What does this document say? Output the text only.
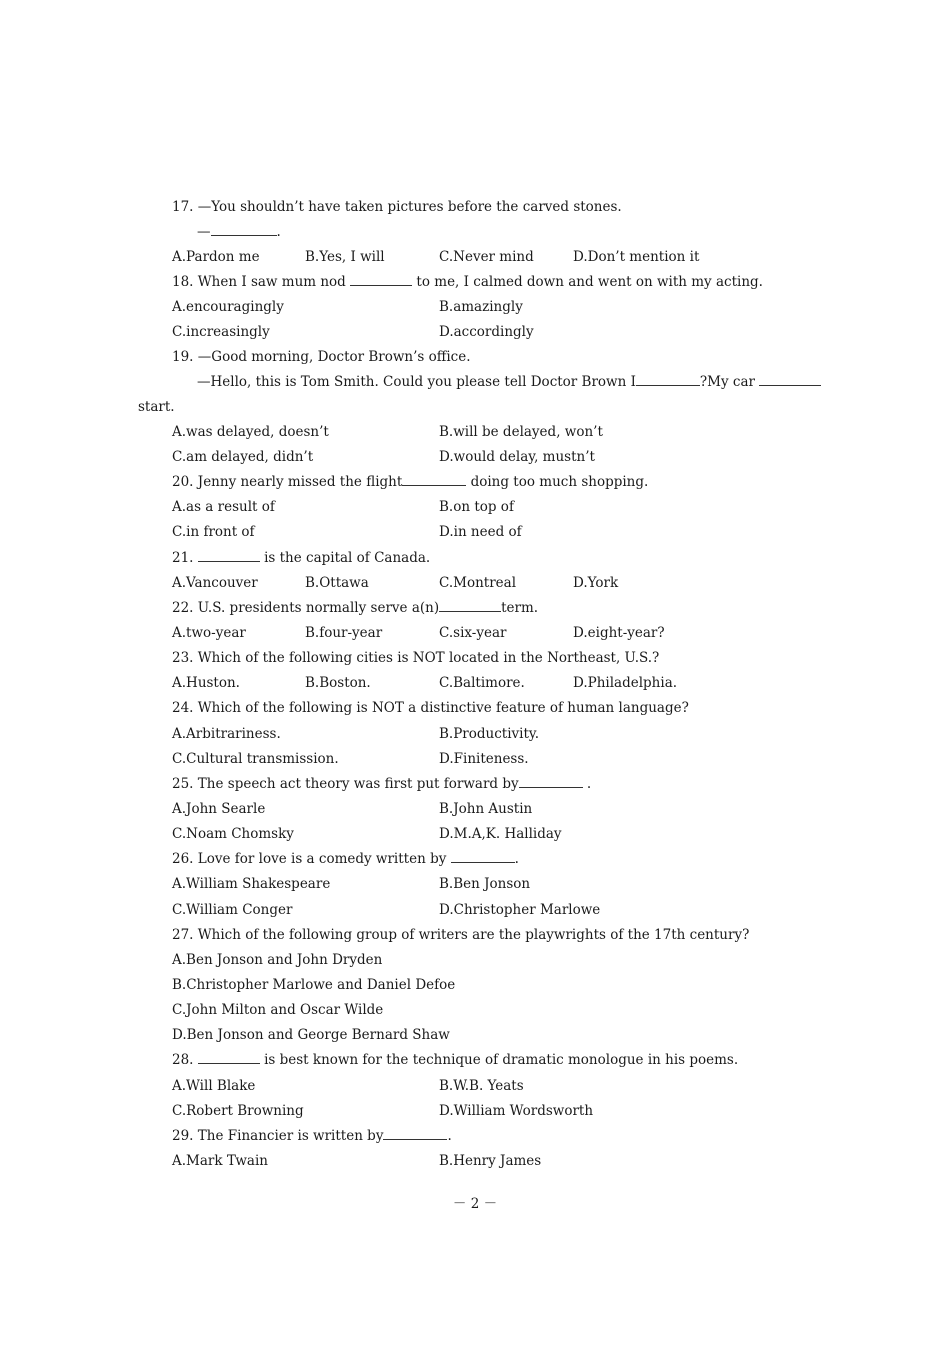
17. —You shouldn’t have taken pictures before the carved stones.
—	.
A.Pardon me	B.Yes, I will	C.Never mind	D.Don’t mention it
18. When I saw mum nod	to me, I calmed down and went on with my acting.
A.encouragingly	B.amazingly
C.increasingly	D.accordingly
19. —Good morning, Doctor Brown’s office.
—Hello, this is Tom Smith. Could you please tell Doctor Brown I	?My car
start.
A.was delayed, doesn’t	B.will be delayed, won’t
C.am delayed, didn’t	D.would delay, mustn’t
20. Jenny nearly missed the flight	doing too much shopping.
A.as a result of	B.on top of
C.in front of	D.in need of
21.	is the capital of Canada.
A.Vancouver	B.Ottawa	C.Montreal	D.York
22. U.S. presidents normally serve a(n)	term.
A.two-year	B.four-year	C.six-year	D.eight-year?
23. Which of the following cities is NOT located in the Northeast, U.S.?
A.Huston.	B.Boston.	C.Baltimore.	D.Philadelphia.
24. Which of the following is NOT a distinctive feature of human language?
A.Arbitrariness.	B.Productivity.
C.Cultural transmission.	D.Finiteness.
25. The speech act theory was first put forward by	.
A.John Searle	B.John Austin
C.Noam Chomsky	D.M.A,K. Halliday
26. Love for love is a comedy written by	.
A.William Shakespeare	B.Ben Jonson
C.William Conger	D.Christopher Marlowe
27. Which of the following group of writers are the playwrights of the 17th century?
A.Ben Jonson and John Dryden
B.Christopher Marlowe and Daniel Defoe
C.John Milton and Oscar Wilde
D.Ben Jonson and George Bernard Shaw
28.	is best known for the technique of dramatic monologue in his poems.
A.Will Blake	B.W.B. Yeats
C.Robert Browning	D.William Wordsworth
29. The Financier is written by	.
A.Mark Twain	B.Henry James
－ 2 －
